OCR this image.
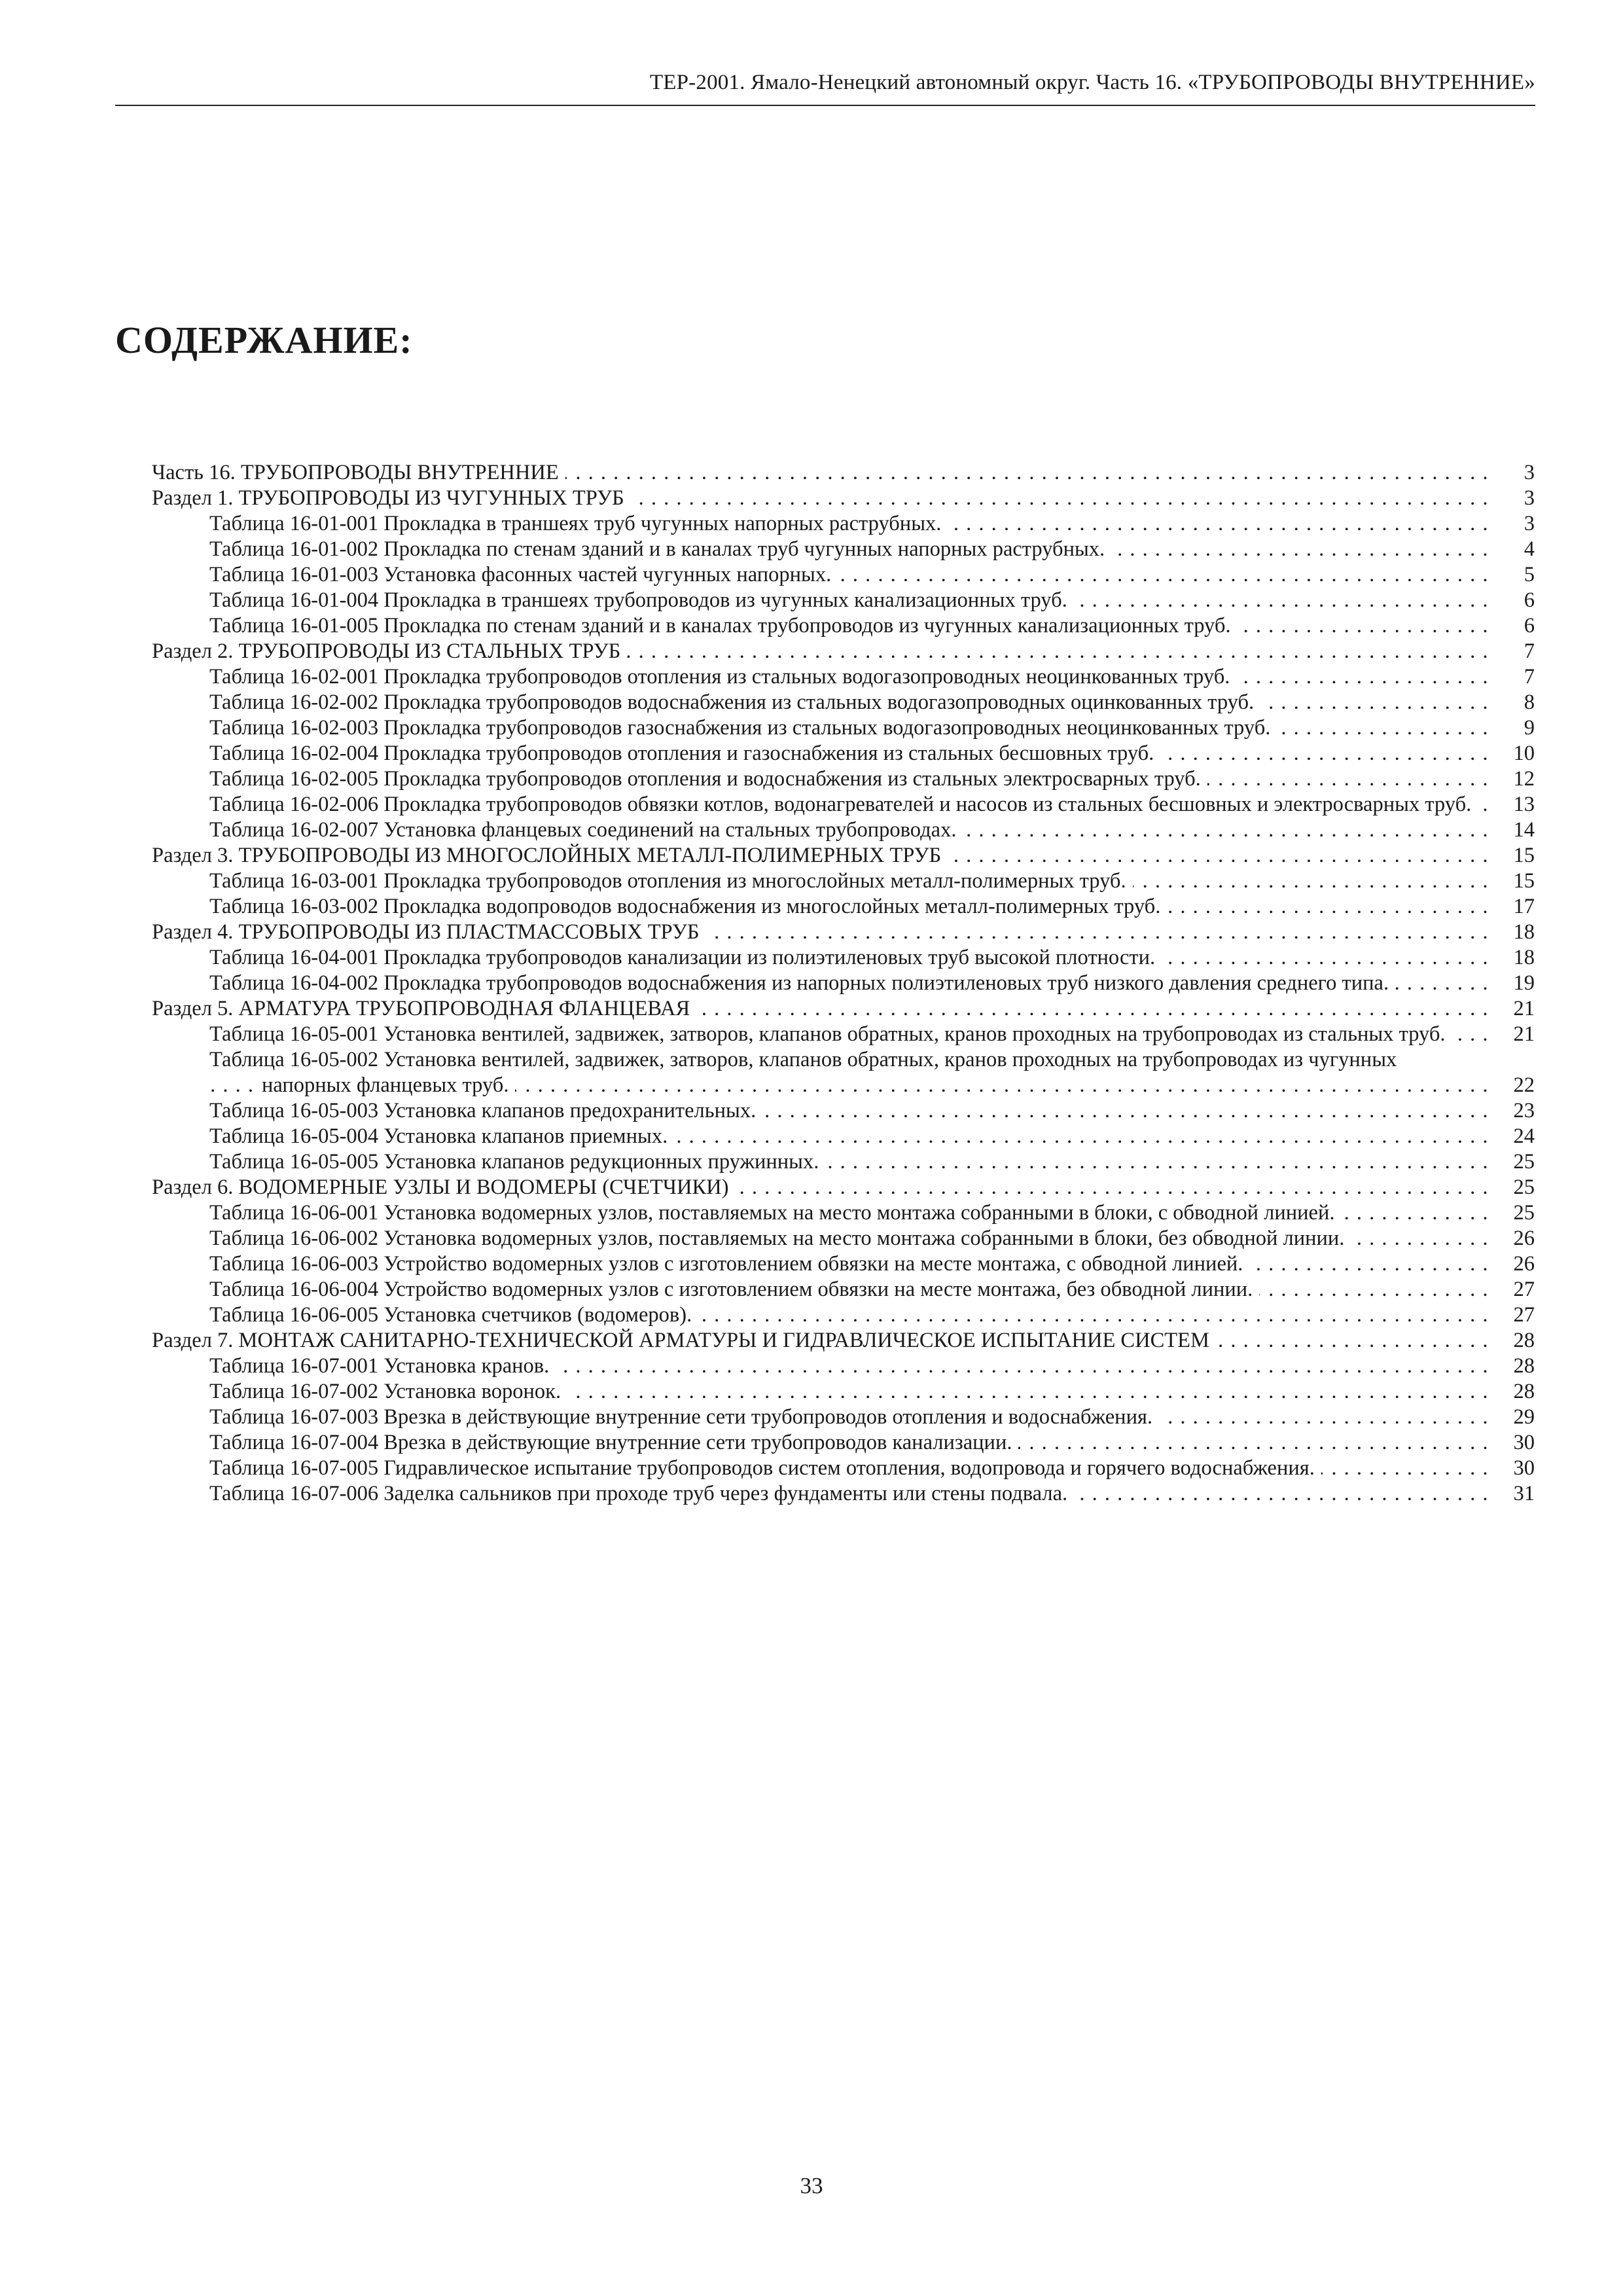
ТЕР-2001. Ямало-Ненецкий автономный округ. Часть 16. «ТРУБОПРОВОДЫ ВНУТРЕННИЕ»
СОДЕРЖАНИЕ:
Часть 16. ТРУБОПРОВОДЫ ВНУТРЕННИЕ . . .	3
Раздел 1. ТРУБОПРОВОДЫ ИЗ ЧУГУННЫХ ТРУБ . . .	3
Таблица 16-01-001 Прокладка в траншеях труб чугунных напорных раструбных. . . .	3
Таблица 16-01-002 Прокладка по стенам зданий и в каналах труб чугунных напорных раструбных. . . .	4
Таблица 16-01-003 Установка фасонных частей чугунных напорных. . . .	5
Таблица 16-01-004 Прокладка в траншеях трубопроводов из чугунных канализационных труб. . . .	6
Таблица 16-01-005 Прокладка по стенам зданий и в каналах трубопроводов из чугунных канализационных труб. . . .	6
Раздел 2. ТРУБОПРОВОДЫ ИЗ СТАЛЬНЫХ ТРУБ . . .	7
Таблица 16-02-001 Прокладка трубопроводов отопления из стальных водогазопроводных неоцинкованных труб. . . .	7
Таблица 16-02-002 Прокладка трубопроводов водоснабжения из стальных водогазопроводных оцинкованных труб. . . .	8
Таблица 16-02-003 Прокладка трубопроводов газоснабжения из стальных водогазопроводных неоцинкованных труб. . . .	9
Таблица 16-02-004 Прокладка трубопроводов отопления и газоснабжения из стальных бесшовных труб. . . .	10
Таблица 16-02-005 Прокладка трубопроводов отопления и водоснабжения из стальных электросварных труб. . . .	12
Таблица 16-02-006 Прокладка трубопроводов обвязки котлов, водонагревателей и насосов из стальных бесшовных и электросварных труб. . . .	13
Таблица 16-02-007 Установка фланцевых соединений на стальных трубопроводах. . . .	14
Раздел 3. ТРУБОПРОВОДЫ ИЗ МНОГОСЛОЙНЫХ МЕТАЛЛ-ПОЛИМЕРНЫХ ТРУБ . . .	15
Таблица 16-03-001 Прокладка трубопроводов отопления из многослойных металл-полимерных труб. . . .	15
Таблица 16-03-002 Прокладка водопроводов водоснабжения из многослойных металл-полимерных труб. . . .	17
Раздел 4. ТРУБОПРОВОДЫ ИЗ ПЛАСТМАССОВЫХ ТРУБ . . .	18
Таблица 16-04-001 Прокладка трубопроводов канализации из полиэтиленовых труб высокой плотности. . . .	18
Таблица 16-04-002 Прокладка трубопроводов водоснабжения из напорных полиэтиленовых труб низкого давления среднего типа. . . .	19
Раздел 5. АРМАТУРА ТРУБОПРОВОДНАЯ ФЛАНЦЕВАЯ . . .	21
Таблица 16-05-001 Установка вентилей, задвижек, затворов, клапанов обратных, кранов проходных на трубопроводах из стальных труб. . . .	21
Таблица 16-05-002 Установка вентилей, задвижек, затворов, клапанов обратных, кранов проходных на трубопроводах из чугунных напорных фланцевых труб. . . .	22
Таблица 16-05-003 Установка клапанов предохранительных. . . .	23
Таблица 16-05-004 Установка клапанов приемных. . . .	24
Таблица 16-05-005 Установка клапанов редукционных пружинных. . . .	25
Раздел 6. ВОДОМЕРНЫЕ УЗЛЫ И ВОДОМЕРЫ (СЧЕТЧИКИ) . . .	25
Таблица 16-06-001 Установка водомерных узлов, поставляемых на место монтажа собранными в блоки, с обводной линией. . . .	25
Таблица 16-06-002 Установка водомерных узлов, поставляемых на место монтажа собранными в блоки, без обводной линии. . . .	26
Таблица 16-06-003 Устройство водомерных узлов с изготовлением обвязки на месте монтажа, с обводной линией. . . .	26
Таблица 16-06-004 Устройство водомерных узлов с изготовлением обвязки на месте монтажа, без обводной линии. . . .	27
Таблица 16-06-005 Установка счетчиков (водомеров). . . .	27
Раздел 7. МОНТАЖ САНИТАРНО-ТЕХНИЧЕСКОЙ АРМАТУРЫ И ГИДРАВЛИЧЕСКОЕ ИСПЫТАНИЕ СИСТЕМ . . .	28
Таблица 16-07-001 Установка кранов. . . .	28
Таблица 16-07-002 Установка воронок. . . .	28
Таблица 16-07-003 Врезка в действующие внутренние сети трубопроводов отопления и водоснабжения. . . .	29
Таблица 16-07-004 Врезка в действующие внутренние сети трубопроводов канализации. . . .	30
Таблица 16-07-005 Гидравлическое испытание трубопроводов систем отопления, водопровода и горячего водоснабжения. . . .	30
Таблица 16-07-006 Заделка сальников при проходе труб через фундаменты или стены подвала. . . .	31
33
